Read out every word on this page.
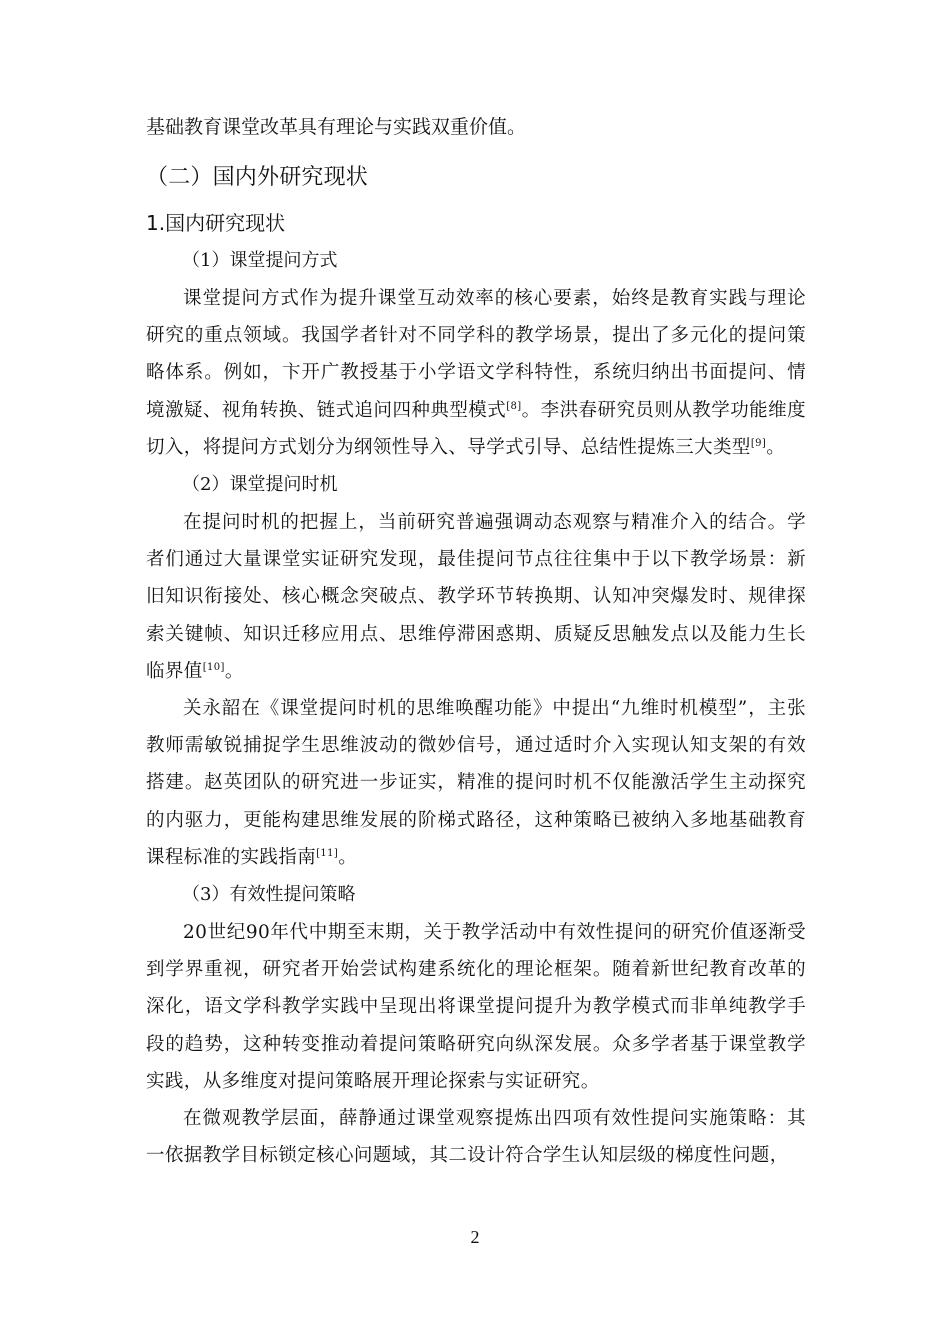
基础教育课堂改革具有理论与实践双重价值。

（二）国内外研究现状
1.国内研究现状

（1）课堂提问方式

课堂提问方式作为提升课堂互动效率的核心要素，始终是教育实践与理论研究的重点领域。我国学者针对不同学科的教学场景，提出了多元化的提问策略体系。例如，卞开广教授基于小学语文学科特性，系统归纳出书面提问、情境激疑、视角转换、链式追问四种典型模式[8]。李洪春研究员则从教学功能维度切入，将提问方式划分为纲领性导入、导学式引导、总结性提炼三大类型[9]。

（2）课堂提问时机

在提问时机的把握上，当前研究普遍强调动态观察与精准介入的结合。学者们通过大量课堂实证研究发现，最佳提问节点往往集中于以下教学场景：新旧知识衔接处、核心概念突破点、教学环节转换期、认知冲突爆发时、规律探索关键帧、知识迁移应用点、思维停滞困惑期、质疑反思触发点以及能力生长临界值[10]。

关永韶在《课堂提问时机的思维唤醒功能》中提出“九维时机模型”，主张教师需敏锐捕捉学生思维波动的微妙信号，通过适时介入实现认知支架的有效搭建。赵英团队的研究进一步证实，精准的提问时机不仅能激活学生主动探究的内驱力，更能构建思维发展的阶梯式路径，这种策略已被纳入多地基础教育课程标准的实践指南[11]。

（3）有效性提问策略

20世纪90年代中期至末期，关于教学活动中有效性提问的研究价值逐渐受到学界重视，研究者开始尝试构建系统化的理论框架。随着新世纪教育改革的深化，语文学科教学实践中呈现出将课堂提问提升为教学模式而非单纯教学手段的趋势，这种转变推动着提问策略研究向纵深发展。众多学者基于课堂教学实践，从多维度对提问策略展开理论探索与实证研究。

在微观教学层面，薛静通过课堂观察提炼出四项有效性提问实施策略：其一依据教学目标锁定核心问题域，其二设计符合学生认知层级的梯度性问题，

2
